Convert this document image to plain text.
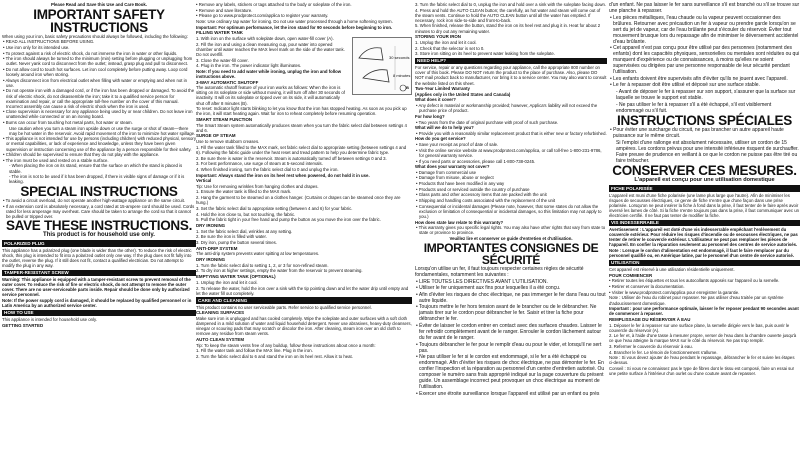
Please Read and Save this Use and Care Book.

IMPORTANT SAFETY INSTRUCTIONS

When using your iron, basic safety precautions should always be followed, including the following:

• READ ALL INSTRUCTIONS BEFORE USING.

• Use iron only for its intended use.

• To protect against a risk of electric shock, do not immerse the iron in water or other liquids.

• The iron should always be turned to the minimum (min) setting before plugging or unplugging from outlet. Never yank cord to disconnect from the outlet; instead, grasp plug and pull to disconnect.

• Do not allow cord to touch hot surfaces. Let iron cool completely before putting away. Loop cord loosely around iron when storing.

• Always disconnect iron from electrical outlet when filling with water or emptying and when not in use.

• Do not operate iron with a damaged cord, or if the iron has been dropped or damaged. To avoid the risk of electric shock, do not disassemble the iron; take it to a qualified service person for examination and repair, or call the appropriate toll-free number on the cover of this manual. Incorrect assembly can cause a risk of electric shock when the iron is used.

• Close supervision is necessary for any appliance being used by or near children. Do not leave iron unattended while connected or on an ironing board.

• Burns can occur from touching hot metal parts, hot water or steam.

Use caution when you turn a steam iron upside down or use the surge or shot of steam—there may be hot water in the reservoir. Avoid rapid movement of the iron to minimize hot water spillage.

• This appliance is not intended for use by persons (including children) with reduced physical, sensory or mental capabilities, or lack of experience and knowledge, unless they have been given supervision or instruction concerning use of the appliance by a person responsible for their safety.

• Children should be supervised to ensure that they do not play with the appliance.

• The iron must be used and rested on a stable surface.

- When placing the iron on its stand, ensure that the surface on which the stand is placed is stable.

- The iron is not to be used if it has been dropped, if there is visible signs of damage or if it is leaking.

SPECIAL INSTRUCTIONS

• To avoid a circuit overload, do not operate another high-wattage appliance on the same circuit.

• If an extension cord is absolutely necessary, a cord rated at 15-ampere cord should be used. Cords rated for less amperage may overheat. Care should be taken to arrange the cord so that it cannot be pulled or tripped over.

SAVE THESE INSTRUCTIONS.
This product is for household use only.
POLARIZED PLUG

This appliance has a polarized plug (one blade is wider than the other). To reduce the risk of electric shock, this plug is intended to fit into a polarized outlet only one way. If the plug does not fit fully into the outlet, reverse the plug. If it still does not fit, contact a qualified electrician. Do not attempt to modify the plug in any way.

TAMPER-RESISTANT SCREW

Warning: This appliance is equipped with a tamper-resistant screw to prevent removal of the outer cover. To reduce the risk of fire or electric shock, do not attempt to remove the outer cover. There are no user-serviceable parts inside. Repair should be done only by authorized service personnel.

Note: If the power supply cord is damaged, it should be replaced by qualified personnel or in Latin America by an authorized service center.

HOW TO USE

This appliance is intended for household use only.

GETTING STARTED

• Remove any labels, stickers or tags attached to the body or soleplate of the iron.

• Remove and save literature.

• Please go to www.prodprotect.com/applica to register your warranty.

Note: Use ordinary tap water for ironing. Do not use water processed through a home softening system.

Important: For optimum performance, let the iron stand for 90 seconds before beginning to iron.

FILLING WATER TANK

1. With iron on the surface with soleplate down, open water-fill cover (A).

2. Fill the iron and using a clean measuring cup, pour water into opened chamber until water reaches the MAX level mark on the side of the water tank. Do not overfill.

3. Close the water-fill cover.

4. Plug in the iron. The power indicator light illuminates.

Note: If you need to add water while ironing, unplug the iron and follow instructions above.

3-WAY AUTOMATIC SHUTOFF

The automatic shutoff feature of your iron works as follows: When the iron is sitting on its soleplate or side without moving, it will turn off after 30 seconds of inactivity. It will on its soleplate or tipped over on its side, it will automatically shut off after 8 minutes (B).

30 seconds
8 minutes
B

To reset: Indicator light starts blinking to let you know that the iron has stopped heating. As soon as you pick up the iron, it will start heating again. Wait for iron to reheat completely before resuming operation.

SMART STEAM FUNCTION

The Smart Steam system automatically produces steam when you turn the fabric select dial between settings 4 and 6.

SURGE OF STEAM

Use to remove stubborn creases.

1. Fill the water tank filled to the MAX mark, set fabric select dial to appropriate setting (between settings 4 and 6). Following the fabric guide under the heat reset and tread pattern to help you determine fabric type.

2. Be sure there is water in the reservoir. Steam is automatically turned off between settings 0 and 3.

3. For best performance, use surge of steam at 5-second intervals.

4. When finished ironing, turn the fabric select dial to 0 and unplug the iron.

Important: Always stand the iron on its heel rest when powered, do not hold it in use.

Vertical

Tip: Use for removing wrinkles from hanging clothes and drapes.

1. Ensure the water tank is filled to the MAX mark.

2. Hang the garment to be steamed on a clothes hanger. (Curtains or drapes can be steamed once they are hung.)

3. Set the fabric select dial to appropriate setting (between 4 and 6) for your fabric.

4. Hold the iron close to, but not touching, the fabric.

5. Pull the fabric tight in your free hand and pump the button as you move the iron over the fabric.

DRY IRONING

1. Set the fabric select dial, wrinkles at any setting.

2. Be sure the iron is filled with water.

3. Dry iron, pump the button several times.

ANTI-DRIP SYSTEM

The anti-drip system prevents water spitting at low temperatures.

DRY IRONING

1. Turn the fabric select dial to setting 1, 2, or 3 for non-refined steam.

2. To dry iron at higher settings, empty the water from the reservoir to prevent steaming.

EMPTYING WATER TANK (OPTIONAL)

1. Unplug the iron and let it cool.

2. To release the water, hold the iron over a sink with the tip pointing down and let the water drip until empty and let the water fill out completely.

CARE AND CLEANING

This product contains no user serviceable parts. Refer service to qualified service personnel.

CLEANING SURFACES

Make sure iron is unplugged and has cooled completely. Wipe the soleplate and outer surfaces with a soft cloth dampened in a mild solution of water and liquid household detergent. Never use abrasives, heavy-duty cleansers, vinegar or scouring pads that may scratch or discolor the iron. After cleaning, steam iron over an old cloth to remove any residue from steam vents.

AUTO CLEAN SYSTEM

Tip: To keep the steam vents free of any buildup, follow these instructions about once a month:

1. Fill the water tank and follow the MAX line. Plug in the iron.

2. Turn the fabric select dial to 6 and stand the iron on its heel rest. Allow it to heat.

3. Turn the fabric select dial to 0, unplug the iron and hold over a sink with the soleplate facing down.

4. Press and hold the AUTO CLEAN button; the carefully, as hot water and steam will come out of the steam vents. Continue to hold the AUTO CLEAN button until all the water has emptied. If necessary, rock iron side-to-side and front-to-back.

5. When finished, release the button, stand the iron on its heel rest and plug it in. Heat for about 2 minutes to dry out any remaining water.

STORING YOUR IRON

1. Unplug the iron and let it cool.

2. Check that the selector is set to 0.

3. Store iron sitting on its heel to prevent water leaking from the soleplate.

NEED HELP?

For service, repair or any questions regarding your appliance, call the appropriate 800 number on cover of this book. Please DO NOT return the product to the place of purchase. Also, please DO NOT mail product back to manufacturer, nor bring it to a service center. You may also want to consult the website listed on this sheet.

Two-Year Limited Warranty

(Applies only in the United States and Canada)

What does it cover?

• Any defect in material or workmanship provided; however, Applica's liability will not exceed the purchase price of product.

For how long?

• Two years from the date of original purchase with proof of such purchase.

What will we do to help you?

• Provide you with a reasonably similar replacement product that is either new or factory refurbished.

How do you get service?

• Save your receipt as proof of date of sale.

• Visit the online service website at www.prodprotect.com/applica, or call toll-free 1-800-231-9786, for general warranty service.

• If you need parts or accessories, please call 1-800-738-0245.

What does your warranty not cover?

• Damage from commercial use

• Damage from misuse, abuse or neglect

• Products that have been modified in any way

• Products used or serviced outside the country of purchase

• Glass parts and other accessory items that are packed with the unit

• Shipping and handling costs associated with the replacement of the unit

• Consequential or incidental damages (Please note, however, that some states do not allow the exclusion or limitation of consequential or incidental damages, so this limitation may not apply to you.)

How does state law relate to this warranty?

• This warranty gives you specific legal rights. You may also have other rights that vary from state to state or province to province.

Veuillez lire et conserver ce guide d'entretien et d'utilisation.

IMPORTANTES CONSIGNES DE SÉCURITÉ

Lorsqu'on utilise un fer, il faut toujours respecter certaines règles de sécurité fondamentales, notamment les suivantes :

• LIRE TOUTES LES DIRECTIVES AVANT L'UTILISATION.

• Utiliser le fer uniquement aux fins pour lesquelles il a été conçu.

• Afin d'éviter les risques de choc électrique, ne pas immerger le fer dans l'eau ou tout autre liquide.

• Toujours mettre le fer hors tension avant de le brancher ou de le débrancher. Ne jamais tirer sur le cordon pour débrancher le fer. Saisir et tirer la fiche pour débrancher le fer.

• Éviter de laisser le cordon entrer en contact avec des surfaces chaudes. Laisser le fer refroidir complètement avant de le ranger. Enrouler le cordon lâchement autour du fer avant de le ranger.

• Toujours débrancher le fer pour le remplir d'eau ou pour le vider, et lorsqu'il ne sert pas.

• Ne pas utiliser le fer si le cordon est endommagé, si le fer a été échappé ou endommagé. Afin d'éviter les risques de choc électrique, ne pas démonter le fer. En confier l'inspection et la réparation au personnel d'un centre d'entretien autorisé. Ou composer le numéro sans frais approprié indiqué sur la page couverture du présent guide. Un assemblage incorrect peut provoquer un choc électrique au moment de l'utilisation.

• Exercer une étroite surveillance lorsque l'appareil est utilisé par un enfant ou près

d'un enfant. Ne pas laisser le fer sans surveillance s'il est branché ou s'il se trouve sur une planche à repasser.

• Les pièces métalliques, l'eau chaude ou la vapeur peuvent occasionner des brûlures. Retourner avec précaution un fer à vapeur ou prendre garde lorsqu'on se sert du jet de vapeur, car de l'eau brûlante peut s'écouler du réservoir. Éviter tout mouvement brusque lors du repassage afin de minimiser le déversement accidentel d'eau brûlante.

• Cet appareil n'est pas conçu pour être utilisé par des personnes (notamment des enfants) dont les capacités physiques, sensorielles ou mentales sont réduites ou qui manquent d'expérience ou de connaissances, à moins qu'elles ne soient supervisées ou dirigées par une personne responsable de leur sécurité pendant l'utilisation.

• Les enfants doivent être supervisés afin d'éviter qu'ils ne jouent avec l'appareil.

• Le fer à repasser doit être utilisé et déposé sur une surface stable.

- Avant de déposer le fer à repasser sur son support, s'assurer que la surface sur laquelle se trouve le support est stable.

- Ne pas utiliser le fer à repasser s'il a été échappé, s'il est visiblement endommagé ou s'il fuit.

INSTRUCTIONS SPÉCIALES

• Pour éviter une surcharge du circuit, ne pas brancher un autre appareil haute puissance sur le même circuit.

Si l'emploi d'une rallonge est absolument nécessaire, utiliser un cordon de 15 ampères. Les cordons prévus pour une intensité inférieure risquent de surchauffer. Faire preuve de prudence en veillant à ce que le cordon ne puisse pas être tiré ou faire trébucher.

CONSERVER CES MESURES.
L'appareil est conçu pour une utilisation domestique
FICHE POLARISÉE

L'appareil est muni d'une fiche polarisée (une lame plus large que l'autre). Afin de minimiser les risques de secousses électriques, ce genre de fiche n'entre que d'une façon dans une prise polarisée. Lorsqu'on ne peut insérer la fiche à fond dans la prise, il faut tenter de le faire après avoir inversé les lames de côté. Si la fiche n'entre toujours pas dans la prise, il faut communiquer avec un électricien certifié. Il ne faut pas tenter de modifier la fiche.

VIS INDESSERRABLE

Avertissement : L'appareil est doté d'une vis indesserrable empêchant l'enlèvement du couvercle extérieur. Pour réduire les risques d'incendie ou de secousses électriques, ne pas tenter de retirer le couvercle extérieur. L'utilisateur ne peut pas remplacer les pièces de l'appareil. En confier la réparation seulement au personnel des centres de service autorisés.

Note : Lorsque le cordon d'alimentation est endommagé, il faut le faire remplacer par du personnel qualifié ou, en Amérique latine, par le personnel d'un centre de service autorisé.

UTILISATION

Cet appareil est réservé à une utilisation résidentielle uniquement.

POUR COMMENCER

• Retirer toutes les étiquettes et tous les autocollants apposés sur l'appareil ou la semelle.

• Retirer et conserver la documentation.

• Visiter le www.prodprotect.com/applica pour enregistrer la garantie.

Note : Utiliser de l'eau du robinet pour repasser. Ne pas utiliser d'eau traitée par un système d'adoucissement domestique.

Important : pour une performance optimale, laisser le fer reposer pendant 90 secondes avant de commencer à repasser.

REMPLISSAGE DU RÉSERVOIR À EAU

1. Déposer le fer à repasser sur une surface plane, la semelle dirigée vers le bas, puis ouvrir le couvercle du réservoir (A).

2. Le fer et, à l'aide d'une tasse à mesurer propre, verser de l'eau dans la chambre ouverte jusqu'à ce que l'eau atteigne la marque MAX sur le côté du réservoir. Ne pas trop remplir.

3. Refermer le couvercle du réservoir à eau.

4. Brancher le fer. Le témoin de fonctionnement s'allume.

Note : Si vous devez ajouter de l'eau pendant le repassage, débrancher le fer et suivre les étapes ci-dessus.

Conseil : Si vous ne connaissez pas le type de fibres dont le tissu est composé, faire un essai sur une petite surface à l'intérieur d'un ourlet ou d'une couture avant de repasser.
